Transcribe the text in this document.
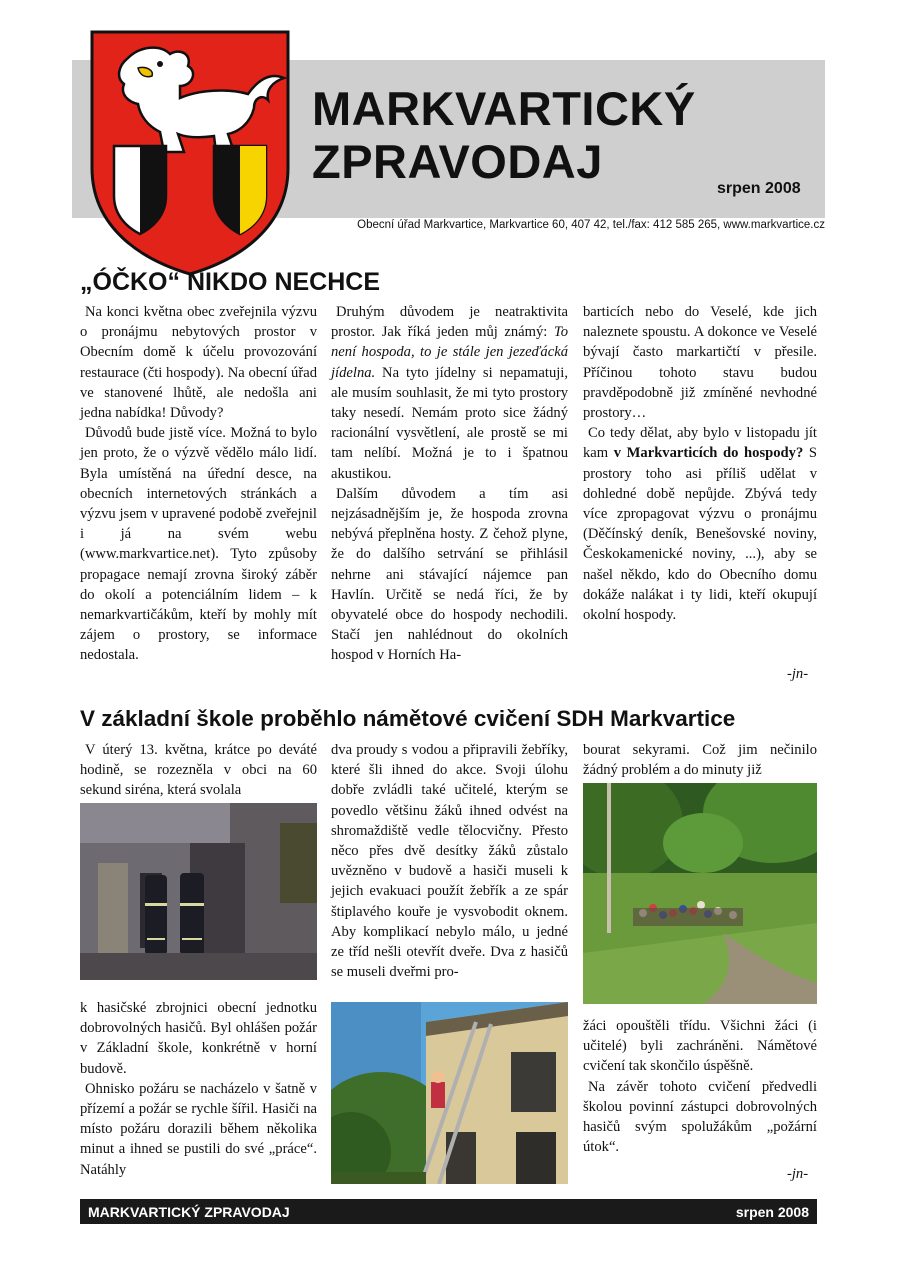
MARKVARTICKÝ
ZPRAVODAJ
srpen 2008
Obecní úřad Markvartice, Markvartice 60, 407 42, tel./fax: 412 585 265, www.markvartice.cz
„ÓČKO“ NIKDO NECHCE

Na konci května obec zveřejnila výzvu o pronájmu nebytových prostor v Obecním domě k účelu provozování restaurace (čti hospody). Na obecní úřad ve stanovené lhůtě, ale nedošla ani jedna nabídka! Důvody?

Důvodů bude jistě více. Možná to bylo jen proto, že o výzvě vědělo málo lidí. Byla umístěná na úřední desce, na obecních internetových stránkách a výzvu jsem v upravené podobě zveřejnil i já na svém webu (www.markvartice.net). Tyto způsoby propagace nemají zrovna široký záběr do okolí a potenciálním lidem – k nemarkvartičákům, kteří by mohly mít zájem o prostory, se informace nedostala.

Druhým důvodem je neatraktivita prostor. Jak říká jeden můj známý: To není hospoda, to je stále jen jezeďácká jídelna. Na tyto jídelny si nepamatuji, ale musím souhlasit, že mi tyto prostory taky nesedí. Nemám proto sice žádný racionální vysvětlení, ale prostě se mi tam nelíbí. Možná je to i špatnou akustikou.

Dalším důvodem a tím asi nejzásadnějším je, že hospoda zrovna nebývá přeplněna hosty. Z čehož plyne, že do dalšího setrvání se přihlásil nehrne ani stávající nájemce pan Havlín. Určitě se nedá říci, že by obyvatelé obce do hospody nechodili. Stačí jen nahlédnout do okolních hospod v Horních Ha-

barticích nebo do Veselé, kde jich naleznete spoustu. A dokonce ve Veselé bývají často markartičtí v přesile. Příčinou tohoto stavu budou pravděpodobně již zmíněné nevhodné prostory…

Co tedy dělat, aby bylo v listopadu jít kam v Markvarticích do hospody? S prostory toho asi příliš udělat v dohledné době nepůjde. Zbývá tedy více zpropagovat výzvu o pronájmu (Děčínský deník, Benešovské noviny, Českokamenické noviny, ...), aby se našel někdo, kdo do Obecního domu dokáže nalákat i ty lidi, kteří okupují okolní hospody.

-jn-
V základní škole proběhlo námětové cvičení SDH Markvartice

V úterý 13. května, krátce po deváté hodině, se rozezněla v obci na 60 sekund siréna, která svolala

k hasičské zbrojnici obecní jednotku dobrovolných hasičů. Byl ohlášen požár v Základní škole, konkrétně v horní budově.

Ohnisko požáru se nacházelo v šatně v přízemí a požár se rychle šířil. Hasiči na místo požáru dorazili během několika minut a ihned se pustili do své „práce“. Natáhly

dva proudy s vodou a připravili žebříky, které šli ihned do akce. Svoji úlohu dobře zvládli také učitelé, kterým se povedlo většinu žáků ihned odvést na shromaždiště vedle tělocvičny. Přesto něco přes dvě desítky žáků zůstalo uvězněno v budově a hasiči museli k jejich evakuaci použít žebřík a ze spár štiplavého kouře je vysvobodit oknem. Aby komplikací nebylo málo, u jedné ze tříd nešli otevřít dveře. Dva z hasičů se museli dveřmi pro-

bourat sekyrami. Což jim nečinilo žádný problém a do minuty již

žáci opouštěli třídu. Všichni žáci (i učitelé) byli zachráněni. Námětové cvičení tak skončilo úspěšně.

Na závěr tohoto cvičení předvedli školou povinní zástupci dobrovolných hasičů svým spolužákům „požární útok“.

-jn-
MARKVARTICKÝ ZPRAVODAJ	srpen 2008
